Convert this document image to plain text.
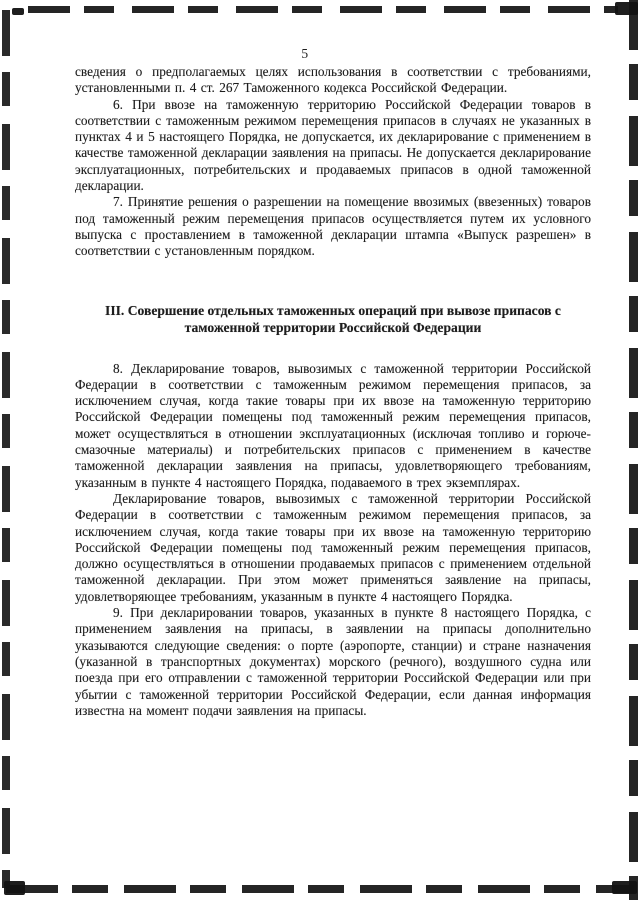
5

сведения о предполагаемых целях использования в соответствии с требованиями, установленными п. 4 ст. 267 Таможенного кодекса Российской Федерации.

6. При ввозе на таможенную территорию Российской Федерации товаров в соответствии с таможенным режимом перемещения припасов в случаях не указанных в пунктах 4 и 5 настоящего Порядка, не допускается, их декларирование с применением в качестве таможенной декларации заявления на припасы. Не допускается декларирование эксплуатационных, потребительских и продаваемых припасов в одной таможенной декларации.

7. Принятие решения о разрешении на помещение ввозимых (ввезенных) товаров под таможенный режим перемещения припасов осуществляется путем их условного выпуска с проставлением в таможенной декларации штампа «Выпуск разрешен» в соответствии с установленным порядком.

III. Совершение отдельных таможенных операций при вывозе припасов с таможенной территории Российской Федерации

8. Декларирование товаров, вывозимых с таможенной территории Российской Федерации в соответствии с таможенным режимом перемещения припасов, за исключением случая, когда такие товары при их ввозе на таможенную территорию Российской Федерации помещены под таможенный режим перемещения припасов, может осуществляться в отношении эксплуатационных (исключая топливо и горюче-смазочные материалы) и потребительских припасов с применением в качестве таможенной декларации заявления на припасы, удовлетворяющего требованиям, указанным в пункте 4 настоящего Порядка, подаваемого в трех экземплярах.

Декларирование товаров, вывозимых с таможенной территории Российской Федерации в соответствии с таможенным режимом перемещения припасов, за исключением случая, когда такие товары при их ввозе на таможенную территорию Российской Федерации помещены под таможенный режим перемещения припасов, должно осуществляться в отношении продаваемых припасов с применением отдельной таможенной декларации. При этом может применяться заявление на припасы, удовлетворяющее требованиям, указанным в пункте 4 настоящего Порядка.

9. При декларировании товаров, указанных в пункте 8 настоящего Порядка, с применением заявления на припасы, в заявлении на припасы дополнительно указываются следующие сведения: о порте (аэропорте, станции) и стране назначения (указанной в транспортных документах) морского (речного), воздушного судна или поезда при его отправлении с таможенной территории Российской Федерации или при убытии с таможенной территории Российской Федерации, если данная информация известна на момент подачи заявления на припасы.
